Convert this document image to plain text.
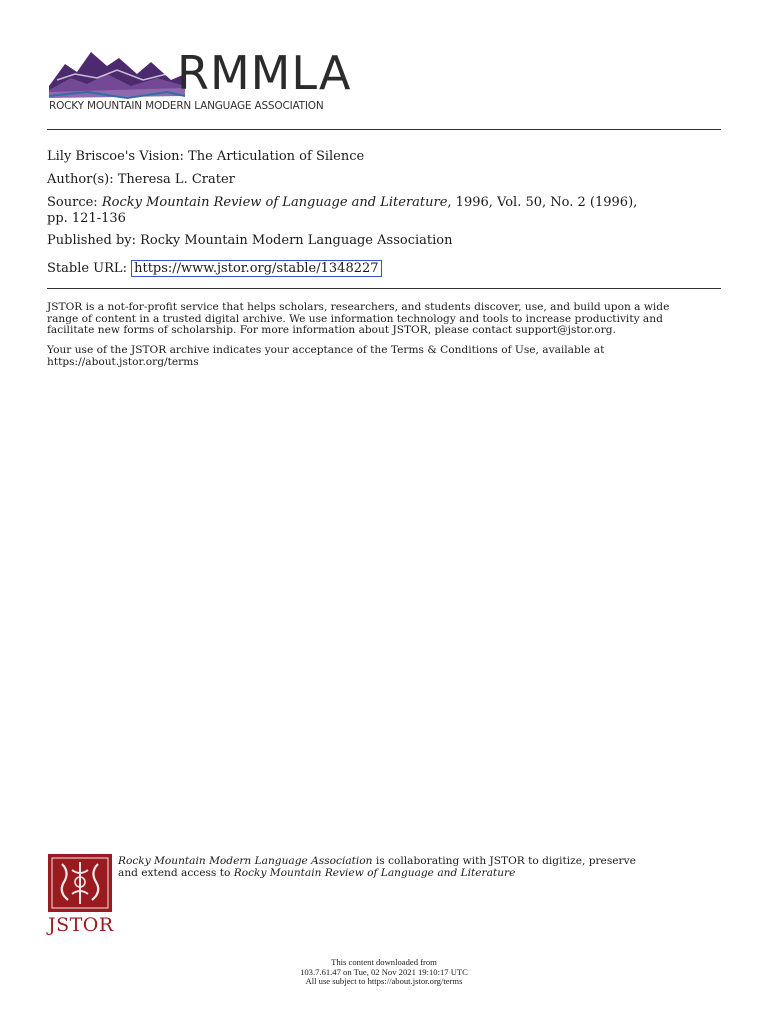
RMMLA
ROCKY MOUNTAIN MODERN LANGUAGE ASSOCIATION

Lily Briscoe's Vision: The Articulation of Silence

Author(s): Theresa L. Crater

Source: Rocky Mountain Review of Language and Literature, 1996, Vol. 50, No. 2 (1996),
pp. 121-136

Published by: Rocky Mountain Modern Language Association

Stable URL: https://www.jstor.org/stable/1348227

JSTOR is a not-for-profit service that helps scholars, researchers, and students discover, use, and build upon a wide
range of content in a trusted digital archive. We use information technology and tools to increase productivity and
facilitate new forms of scholarship. For more information about JSTOR, please contact support@jstor.org.

Your use of the JSTOR archive indicates your acceptance of the Terms & Conditions of Use, available at
https://about.jstor.org/terms

JSTOR

Rocky Mountain Modern Language Association is collaborating with JSTOR to digitize, preserve
and extend access to Rocky Mountain Review of Language and Literature

This content downloaded from
103.7.61.47 on Tue, 02 Nov 2021 19:10:17 UTC
All use subject to https://about.jstor.org/terms
